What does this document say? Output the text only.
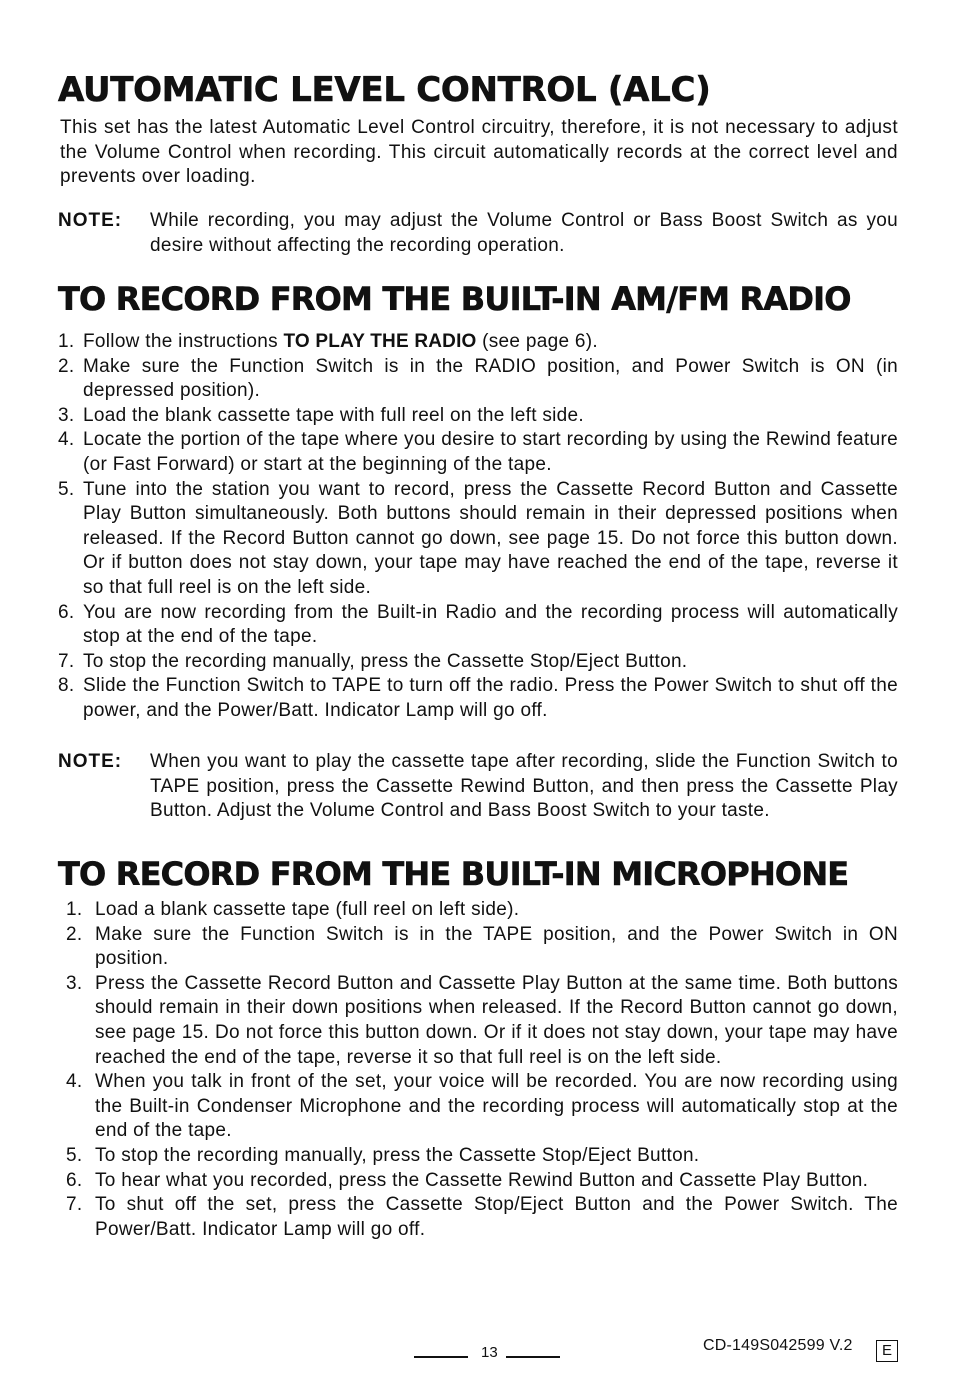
AUTOMATIC LEVEL CONTROL (ALC)

This set has the latest Automatic Level Control circuitry, therefore, it is not necessary to adjust the Volume Control when recording. This circuit automatically records at the correct level and prevents over loading.

NOTE:	While recording, you may adjust the Volume Control or Bass Boost Switch as you desire without affecting the recording operation.
TO RECORD FROM THE BUILT-IN AM/FM RADIO
1. Follow the instructions TO PLAY THE RADIO (see page 6).
2. Make sure the Function Switch is in the RADIO position, and Power Switch is ON (in depressed position).
3. Load the blank cassette tape with full reel on the left side.
4. Locate the portion of the tape where you desire to start recording by using the Rewind feature (or Fast Forward) or start at the beginning of the tape.
5. Tune into the station you want to record, press the Cassette Record Button and Cassette Play Button simultaneously. Both buttons should remain in their depressed positions when released. If the Record Button cannot go down, see page 15. Do not force this button down. Or if button does not stay down, your tape may have reached the end of the tape, reverse it so that full reel is on the left side.
6. You are now recording from the Built-in Radio and the recording process will automatically stop at the end of the tape.
7. To stop the recording manually, press the Cassette Stop/Eject Button.
8. Slide the Function Switch to TAPE to turn off the radio. Press the Power Switch to shut off the power, and the Power/Batt. Indicator Lamp will go off.
NOTE:	When you want to play the cassette tape after recording, slide the Function Switch to TAPE position, press the Cassette Rewind Button, and then press the Cassette Play Button. Adjust the Volume Control and Bass Boost Switch to your taste.
TO RECORD FROM THE BUILT-IN MICROPHONE
1. Load a blank cassette tape (full reel on left side).
2. Make sure the Function Switch is in the TAPE position, and the Power Switch in ON position.
3. Press the Cassette Record Button and Cassette Play Button at the same time. Both buttons should remain in their down positions when released. If the Record Button cannot go down, see page 15. Do not force this button down. Or if it does not stay down, your tape may have reached the end of the tape, reverse it so that full reel is on the left side.
4. When you talk in front of the set, your voice will be recorded. You are now recording using the Built-in Condenser Microphone and the recording process will automatically stop at the end of the tape.
5. To stop the recording manually, press the Cassette Stop/Eject Button.
6. To hear what you recorded, press the Cassette Rewind Button and Cassette Play Button.
7. To shut off the set, press the Cassette Stop/Eject Button and the Power Switch. The Power/Batt. Indicator Lamp will go off.
13	CD-149S042599 V.2	E
